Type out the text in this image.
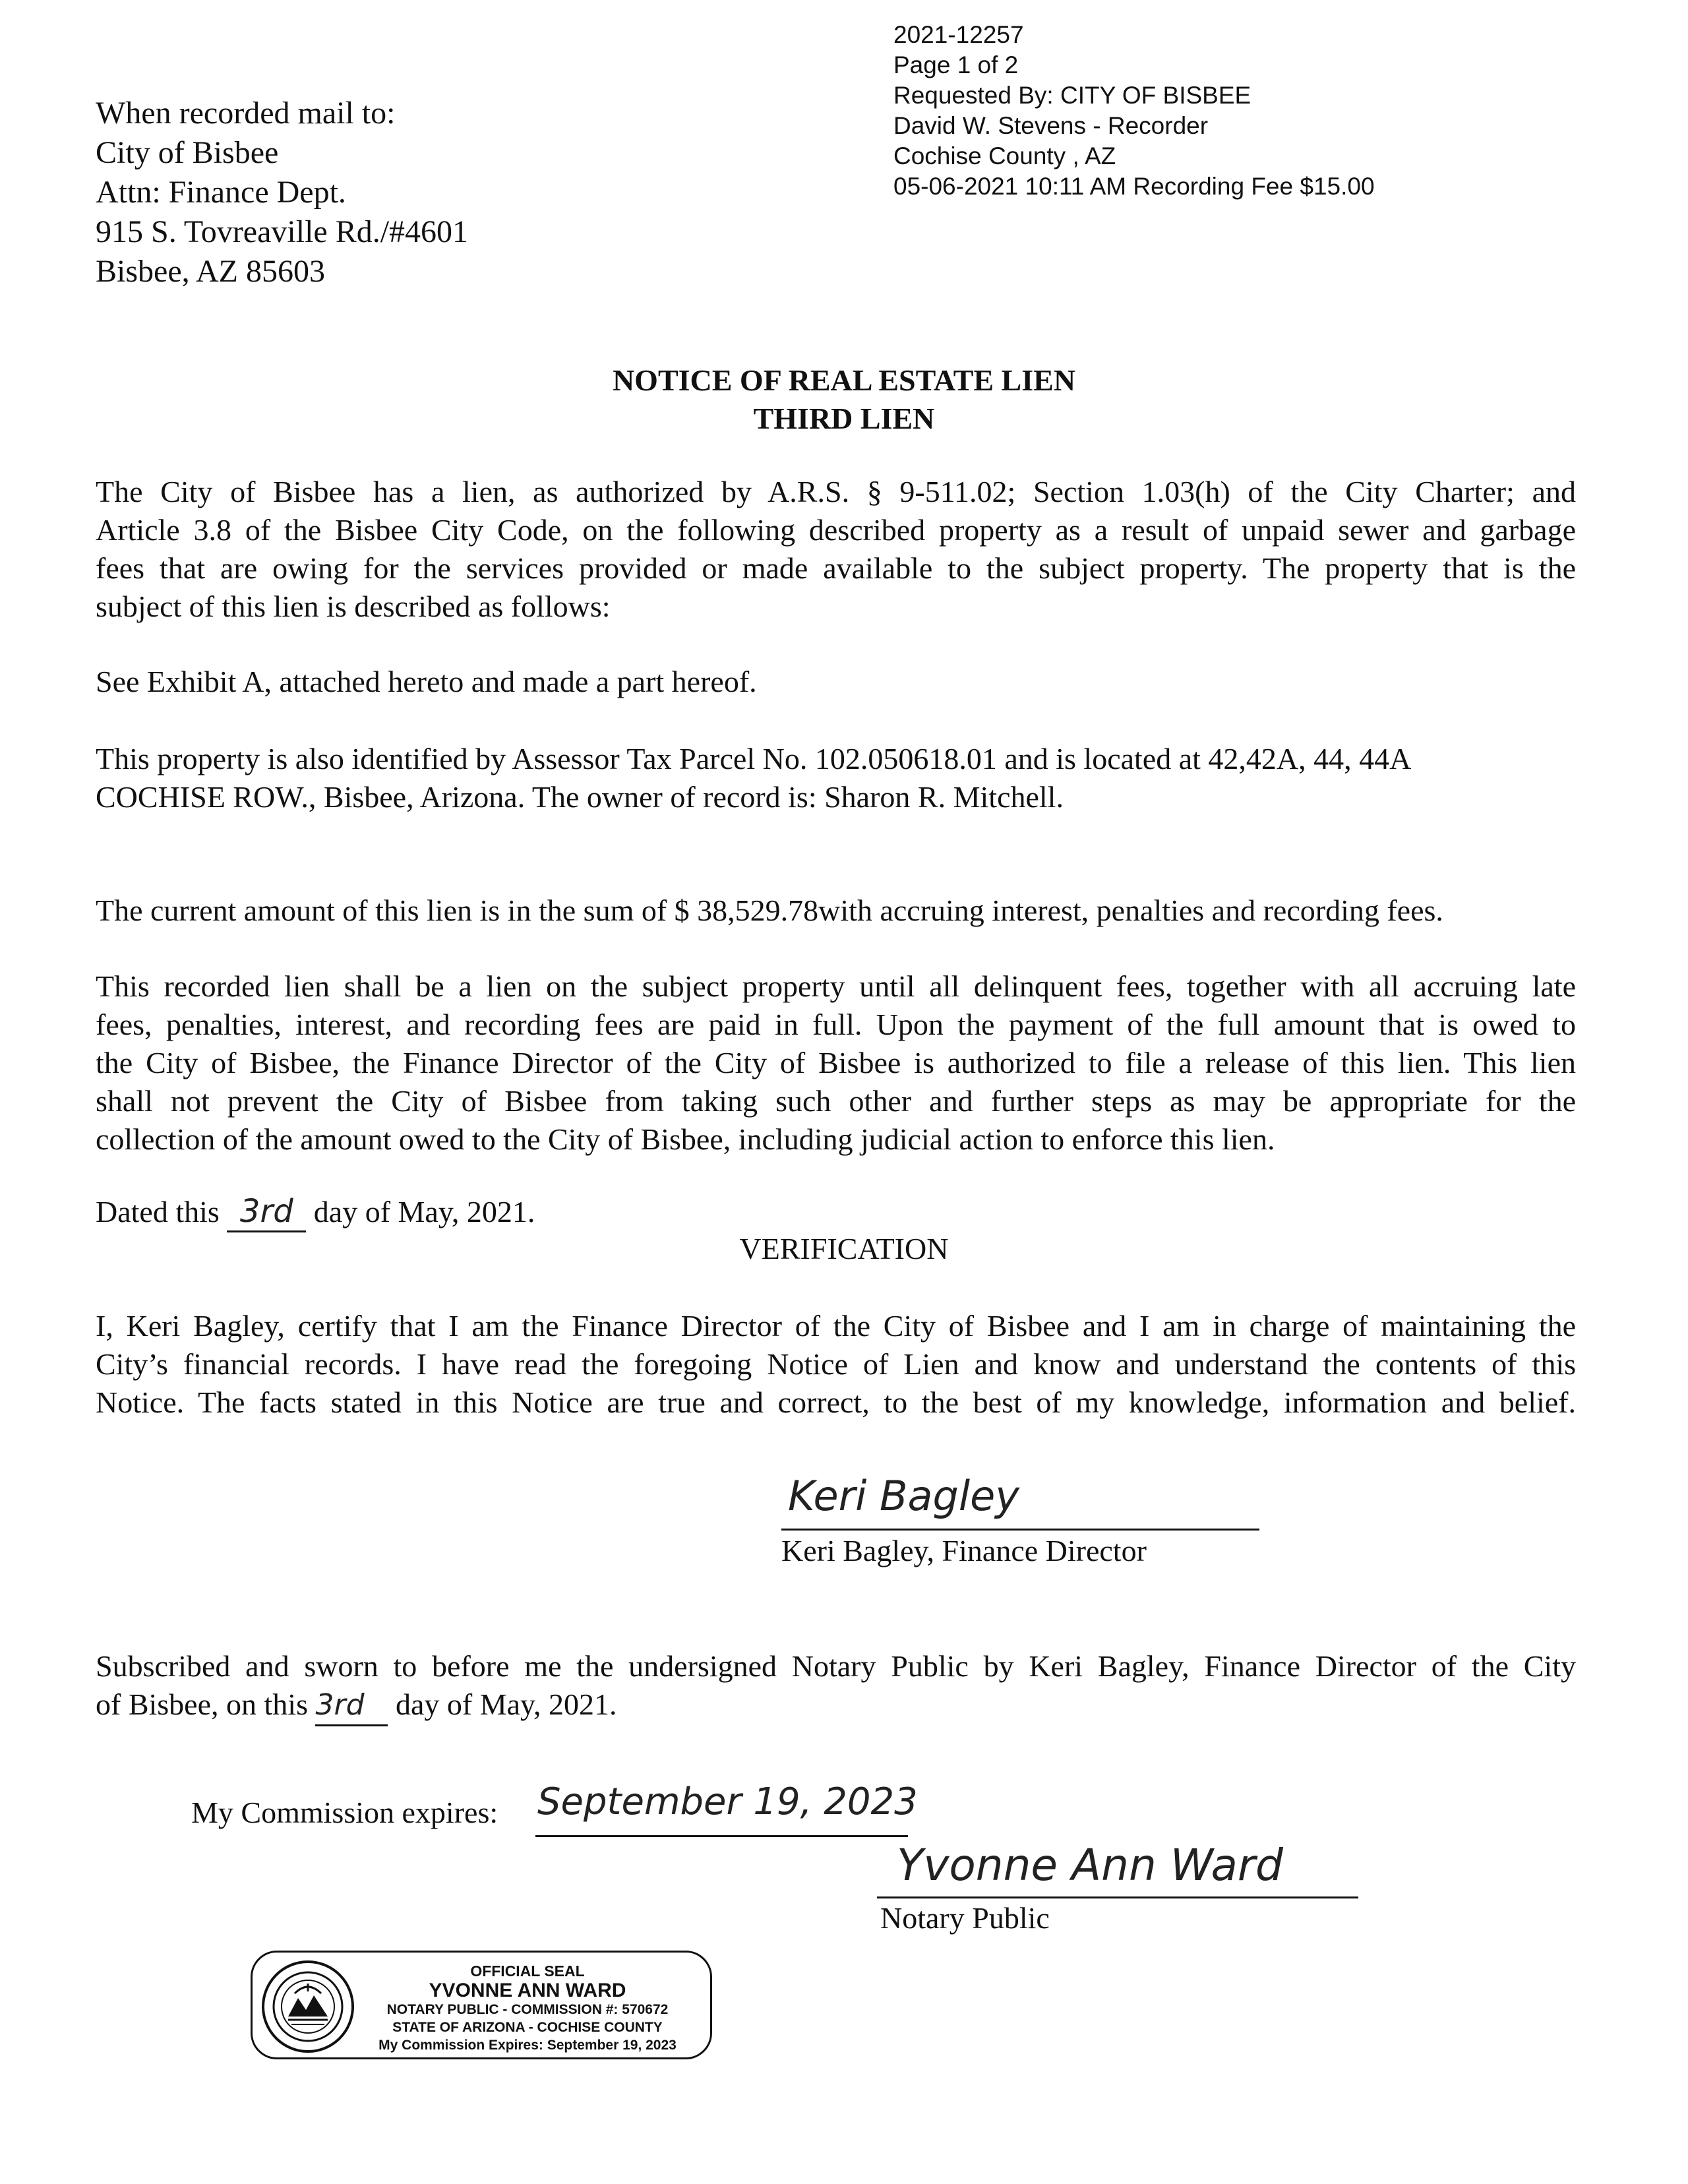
When recorded mail to:
City of Bisbee
Attn: Finance Dept.
915 S. Tovreaville Rd./#4601
Bisbee, AZ 85603
2021-12257
Page 1 of 2
Requested By: CITY OF BISBEE
David W. Stevens - Recorder
Cochise County , AZ
05-06-2021 10:11 AM Recording Fee $15.00
NOTICE OF REAL ESTATE LIEN
THIRD LIEN
The City of Bisbee has a lien, as authorized by A.R.S. § 9-511.02; Section 1.03(h) of the City Charter; and
Article 3.8 of the Bisbee City Code, on the following described property as a result of unpaid sewer and garbage
fees that are owing for the services provided or made available to the subject property. The property that is the
subject of this lien is described as follows:
See Exhibit A, attached hereto and made a part hereof.
This property is also identified by Assessor Tax Parcel No. 102.050618.01 and is located at 42,42A, 44, 44A
COCHISE ROW., Bisbee, Arizona. The owner of record is: Sharon R. Mitchell.
The current amount of this lien is in the sum of $ 38,529.78with accruing interest, penalties and recording fees.
This recorded lien shall be a lien on the subject property until all delinquent fees, together with all accruing late
fees, penalties, interest, and recording fees are paid in full. Upon the payment of the full amount that is owed to
the City of Bisbee, the Finance Director of the City of Bisbee is authorized to file a release of this lien. This lien
shall not prevent the City of Bisbee from taking such other and further steps as may be appropriate for the
collection of the amount owed to the City of Bisbee, including judicial action to enforce this lien.
Dated this 3rd day of May, 2021.
VERIFICATION
I, Keri Bagley, certify that I am the Finance Director of the City of Bisbee and I am in charge of maintaining the
City’s financial records. I have read the foregoing Notice of Lien and know and understand the contents of this
Notice. The facts stated in this Notice are true and correct, to the best of my knowledge, information and belief.
Keri Bagley
Keri Bagley, Finance Director
Subscribed and sworn to before me the undersigned Notary Public by Keri Bagley, Finance Director of the City
of Bisbee, on this 3rd day of May, 2021.
My Commission expires: September 19, 2023
Yvonne Ann Ward
Notary Public
OFFICIAL SEAL
YVONNE ANN WARD
NOTARY PUBLIC - COMMISSION #: 570672
STATE OF ARIZONA - COCHISE COUNTY
My Commission Expires: September 19, 2023
